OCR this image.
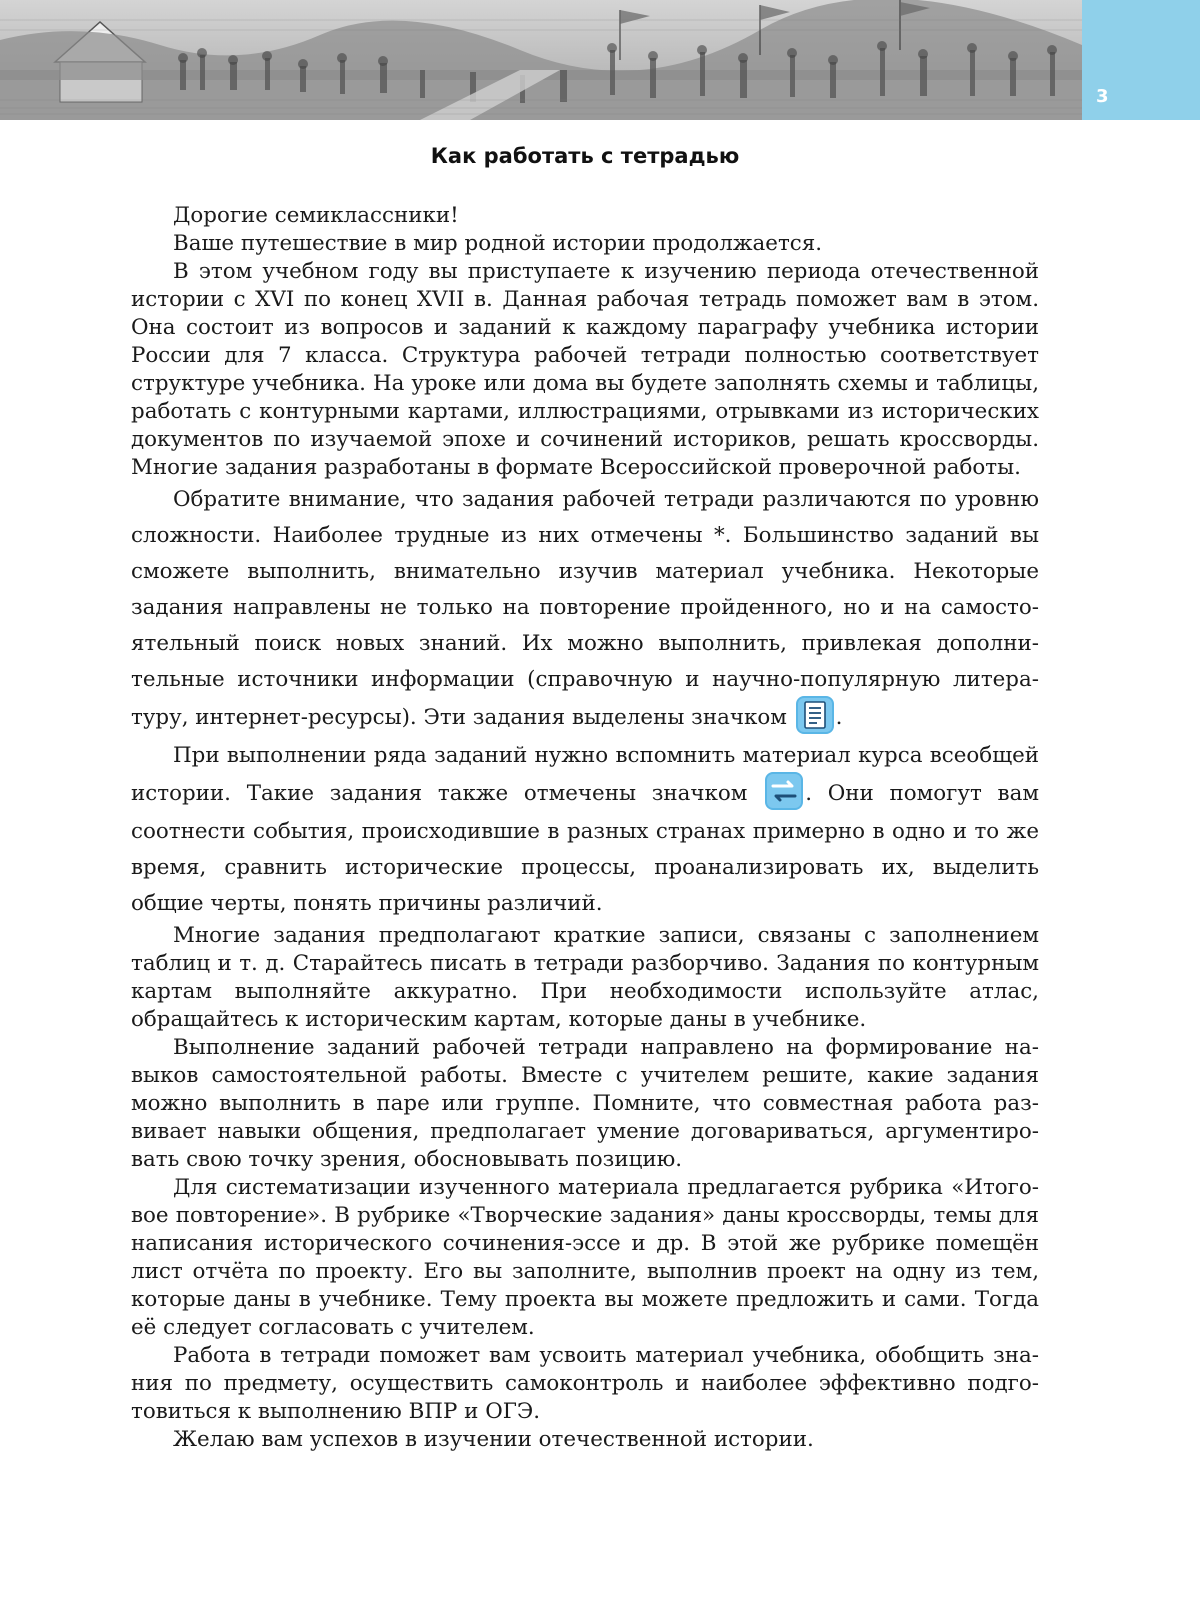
3
Как работать с тетрадью

Дорогие семиклассники!

Ваше путешествие в мир родной истории продолжается.

В этом учебном году вы приступаете к изучению периода отечественной истории с XVI по конец XVII в. Данная рабочая тетрадь поможет вам в этом. Она состоит из вопросов и заданий к каждому параграфу учебника истории России для 7 класса. Структура рабочей тетради полностью соответствует структуре учебника. На уроке или дома вы будете заполнять схемы и таблицы, работать с контурными картами, иллюстрациями, отрывками из исторических документов по изучаемой эпохе и сочинений историков, решать кроссворды. Многие задания разработаны в формате Всероссийской проверочной работы.

Обратите внимание, что задания рабочей тетради различаются по уровню сложности. Наиболее трудные из них отмечены *. Большинство заданий вы сможете выполнить, внимательно изучив материал учебника. Некоторые задания направлены не только на повторение пройденного, но и на самостоятельный поиск новых знаний. Их можно выполнить, привлекая дополнительные источники информации (справочную и научно-популярную литературу, интернет-ресурсы). Эти задания выделены значком
.

При выполнении ряда заданий нужно вспомнить материал курса всеобщей истории. Такие задания также отмечены значком
. Они помогут вам соотнести события, происходившие в разных странах примерно в одно и то же время, сравнить исторические процессы, проанализировать их, выделить общие черты, понять причины различий.

Многие задания предполагают краткие записи, связаны с заполнением таблиц и т. д. Старайтесь писать в тетради разборчиво. Задания по контурным картам выполняйте аккуратно. При необходимости используйте атлас, обращайтесь к историческим картам, которые даны в учебнике.

Выполнение заданий рабочей тетради направлено на формирование навыков самостоятельной работы. Вместе с учителем решите, какие задания можно выполнить в паре или группе. Помните, что совместная работа развивает навыки общения, предполагает умение договариваться, аргументировать свою точку зрения, обосновывать позицию.

Для систематизации изученного материала предлагается рубрика «Итоговое повторение». В рубрике «Творческие задания» даны кроссворды, темы для написания исторического сочинения-эссе и др. В этой же рубрике помещён лист отчёта по проекту. Его вы заполните, выполнив проект на одну из тем, которые даны в учебнике. Тему проекта вы можете предложить и сами. Тогда её следует согласовать с учителем.

Работа в тетради поможет вам усвоить материал учебника, обобщить знания по предмету, осуществить самоконтроль и наиболее эффективно подготовиться к выполнению ВПР и ОГЭ.

Желаю вам успехов в изучении отечественной истории.
